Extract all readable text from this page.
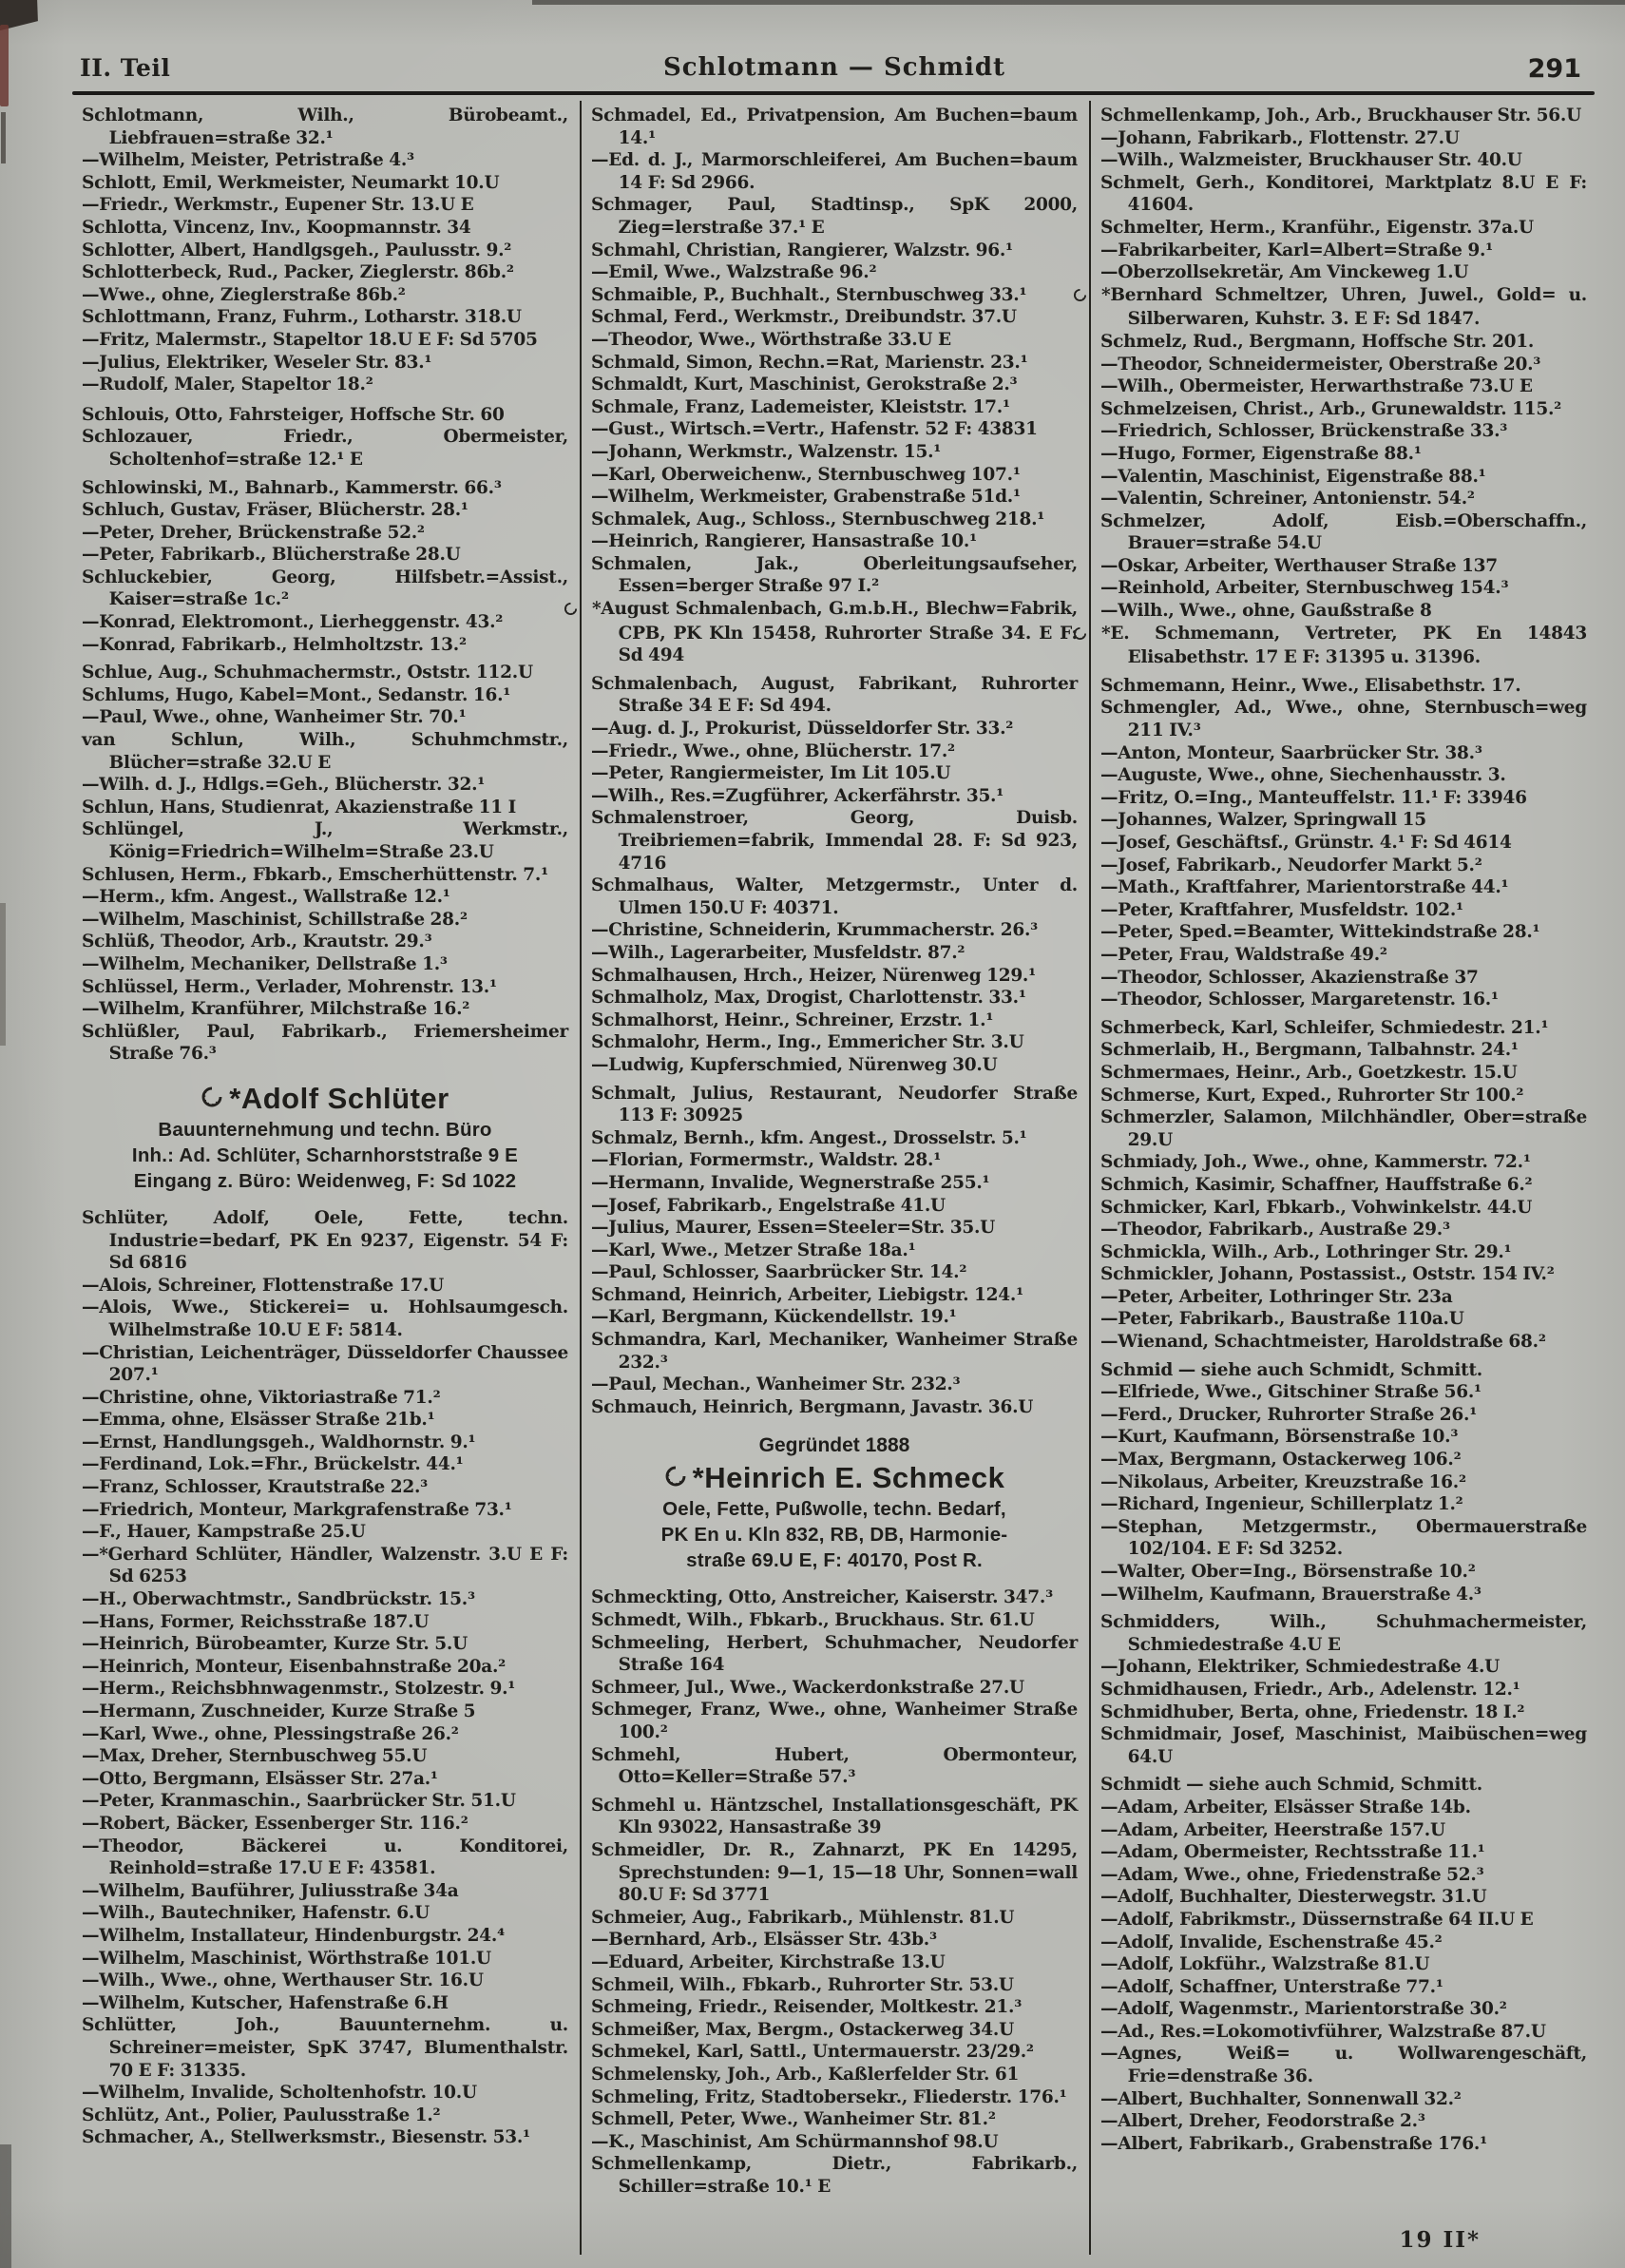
II. Teil	Schlotmann — Schmidt	291
Schlotmann, Wilh., Bürobeamt., Liebfrauen=straße 32.¹
—Wilhelm, Meister, Petristraße 4.³
Schlott, Emil, Werkmeister, Neumarkt 10.U
—Friedr., Werkmstr., Eupener Str. 13.U E
Schlotta, Vincenz, Inv., Koopmannstr. 34
Schlotter, Albert, Handlgsgeh., Paulusstr. 9.²
Schlotterbeck, Rud., Packer, Zieglerstr. 86b.²
—Wwe., ohne, Zieglerstraße 86b.²
Schlottmann, Franz, Fuhrm., Lotharstr. 318.U
—Fritz, Malermstr., Stapeltor 18.U E F: Sd 5705
—Julius, Elektriker, Weseler Str. 83.¹
—Rudolf, Maler, Stapeltor 18.²
Schlouis, Otto, Fahrsteiger, Hoffsche Str. 60
Schlozauer, Friedr., Obermeister, Scholtenhof=straße 12.¹ E
Schlowinski, M., Bahnarb., Kammerstr. 66.³
Schluch, Gustav, Fräser, Blücherstr. 28.¹
—Peter, Dreher, Brückenstraße 52.²
—Peter, Fabrikarb., Blücherstraße 28.U
Schluckebier, Georg, Hilfsbetr.=Assist., Kaiser=straße 1c.²
—Konrad, Elektromont., Lierheggenstr. 43.²
—Konrad, Fabrikarb., Helmholtzstr. 13.²
Schlue, Aug., Schuhmachermstr., Oststr. 112.U
Schlums, Hugo, Kabel=Mont., Sedanstr. 16.¹
—Paul, Wwe., ohne, Wanheimer Str. 70.¹
van Schlun, Wilh., Schuhmchmstr., Blücher=straße 32.U E
—Wilh. d. J., Hdlgs.=Geh., Blücherstr. 32.¹
Schlun, Hans, Studienrat, Akazienstraße 11 I
Schlüngel, J., Werkmstr., König=Friedrich=Wilhelm=Straße 23.U
Schlusen, Herm., Fbkarb., Emscherhüttenstr. 7.¹
—Herm., kfm. Angest., Wallstraße 12.¹
—Wilhelm, Maschinist, Schillstraße 28.²
Schlüß, Theodor, Arb., Krautstr. 29.³
—Wilhelm, Mechaniker, Dellstraße 1.³
Schlüssel, Herm., Verlader, Mohrenstr. 13.¹
—Wilhelm, Kranführer, Milchstraße 16.²
Schlüßler, Paul, Fabrikarb., Friemersheimer Straße 76.³
*Adolf Schlüter
Bauunternehmung und techn. Büro
Inh.: Ad. Schlüter, Scharnhorststraße 9 E
Eingang z. Büro: Weidenweg, F: Sd 1022
Schlüter, Adolf, Oele, Fette, techn. Industrie=bedarf, PK En 9237, Eigenstr. 54 F: Sd 6816
—Alois, Schreiner, Flottenstraße 17.U
—Alois, Wwe., Stickerei= u. Hohlsaumgesch. Wilhelmstraße 10.U E F: 5814.
—Christian, Leichenträger, Düsseldorfer Chaussee 207.¹
—Christine, ohne, Viktoriastraße 71.²
—Emma, ohne, Elsässer Straße 21b.¹
—Ernst, Handlungsgeh., Waldhornstr. 9.¹
—Ferdinand, Lok.=Fhr., Brückelstr. 44.¹
—Franz, Schlosser, Krautstraße 22.³
—Friedrich, Monteur, Markgrafenstraße 73.¹
—F., Hauer, Kampstraße 25.U
—*Gerhard Schlüter, Händler, Walzenstr. 3.U E F: Sd 6253
—H., Oberwachtmstr., Sandbrückstr. 15.³
—Hans, Former, Reichsstraße 187.U
—Heinrich, Bürobeamter, Kurze Str. 5.U
—Heinrich, Monteur, Eisenbahnstraße 20a.²
—Herm., Reichsbhnwagenmstr., Stolzestr. 9.¹
—Hermann, Zuschneider, Kurze Straße 5
—Karl, Wwe., ohne, Plessingstraße 26.²
—Max, Dreher, Sternbuschweg 55.U
—Otto, Bergmann, Elsässer Str. 27a.¹
—Peter, Kranmaschin., Saarbrücker Str. 51.U
—Robert, Bäcker, Essenberger Str. 116.²
—Theodor, Bäckerei u. Konditorei, Reinhold=straße 17.U E F: 43581.
—Wilhelm, Bauführer, Juliusstraße 34a
—Wilh., Bautechniker, Hafenstr. 6.U
—Wilhelm, Installateur, Hindenburgstr. 24.⁴
—Wilhelm, Maschinist, Wörthstraße 101.U
—Wilh., Wwe., ohne, Werthauser Str. 16.U
—Wilhelm, Kutscher, Hafenstraße 6.H
Schlütter, Joh., Bauunternehm. u. Schreiner=meister, SpK 3747, Blumenthalstr. 70 E F: 31335.
—Wilhelm, Invalide, Scholtenhofstr. 10.U
Schlütz, Ant., Polier, Paulusstraße 1.²
Schmacher, A., Stellwerksmstr., Biesenstr. 53.¹
Schmadel, Ed., Privatpension, Am Buchen=baum 14.¹
—Ed. d. J., Marmorschleiferei, Am Buchen=baum 14 F: Sd 2966.
Schmager, Paul, Stadtinsp., SpK 2000, Zieg=lerstraße 37.¹ E
Schmahl, Christian, Rangierer, Walzstr. 96.¹
—Emil, Wwe., Walzstraße 96.²
Schmaible, P., Buchhalt., Sternbuschweg 33.¹
Schmal, Ferd., Werkmstr., Dreibundstr. 37.U
—Theodor, Wwe., Wörthstraße 33.U E
Schmald, Simon, Rechn.=Rat, Marienstr. 23.¹
Schmaldt, Kurt, Maschinist, Gerokstraße 2.³
Schmale, Franz, Lademeister, Kleiststr. 17.¹
—Gust., Wirtsch.=Vertr., Hafenstr. 52 F: 43831
—Johann, Werkmstr., Walzenstr. 15.¹
—Karl, Oberweichenw., Sternbuschweg 107.¹
—Wilhelm, Werkmeister, Grabenstraße 51d.¹
Schmalek, Aug., Schloss., Sternbuschweg 218.¹
—Heinrich, Rangierer, Hansastraße 10.¹
Schmalen, Jak., Oberleitungsaufseher, Essen=berger Straße 97 I.²
*August Schmalenbach, G.m.b.H., Blechw=Fabrik, CPB, PK Kln 15458, Ruhrorter Straße 34. E F: Sd 494
Schmalenbach, August, Fabrikant, Ruhrorter Straße 34 E F: Sd 494.
—Aug. d. J., Prokurist, Düsseldorfer Str. 33.²
—Friedr., Wwe., ohne, Blücherstr. 17.²
—Peter, Rangiermeister, Im Lit 105.U
—Wilh., Res.=Zugführer, Ackerfährstr. 35.¹
Schmalenstroer, Georg, Duisb. Treibriemen=fabrik, Immendal 28. F: Sd 923, 4716
Schmalhaus, Walter, Metzgermstr., Unter d. Ulmen 150.U F: 40371.
—Christine, Schneiderin, Krummacherstr. 26.³
—Wilh., Lagerarbeiter, Musfeldstr. 87.²
Schmalhausen, Hrch., Heizer, Nürenweg 129.¹
Schmalholz, Max, Drogist, Charlottenstr. 33.¹
Schmalhorst, Heinr., Schreiner, Erzstr. 1.¹
Schmalohr, Herm., Ing., Emmericher Str. 3.U
—Ludwig, Kupferschmied, Nürenweg 30.U
Schmalt, Julius, Restaurant, Neudorfer Straße 113 F: 30925
Schmalz, Bernh., kfm. Angest., Drosselstr. 5.¹
—Florian, Formermstr., Waldstr. 28.¹
—Hermann, Invalide, Wegnerstraße 255.¹
—Josef, Fabrikarb., Engelstraße 41.U
—Julius, Maurer, Essen=Steeler=Str. 35.U
—Karl, Wwe., Metzer Straße 18a.¹
—Paul, Schlosser, Saarbrücker Str. 14.²
Schmand, Heinrich, Arbeiter, Liebigstr. 124.¹
—Karl, Bergmann, Kückendellstr. 19.¹
Schmandra, Karl, Mechaniker, Wanheimer Straße 232.³
—Paul, Mechan., Wanheimer Str. 232.³
Schmauch, Heinrich, Bergmann, Javastr. 36.U
Gegründet 1888
*Heinrich E. Schmeck
Oele, Fette, Pußwolle, techn. Bedarf,
PK En u. Kln 832, RB, DB, Harmonie-
straße 69.U E, F: 40170, Post R.
Schmeckting, Otto, Anstreicher, Kaiserstr. 347.³
Schmedt, Wilh., Fbkarb., Bruckhaus. Str. 61.U
Schmeeling, Herbert, Schuhmacher, Neudorfer Straße 164
Schmeer, Jul., Wwe., Wackerdonkstraße 27.U
Schmeger, Franz, Wwe., ohne, Wanheimer Straße 100.²
Schmehl, Hubert, Obermonteur, Otto=Keller=Straße 57.³
Schmehl u. Häntzschel, Installationsgeschäft, PK Kln 93022, Hansastraße 39
Schmeidler, Dr. R., Zahnarzt, PK En 14295, Sprechstunden: 9—1, 15—18 Uhr, Sonnen=wall 80.U F: Sd 3771
Schmeier, Aug., Fabrikarb., Mühlenstr. 81.U
—Bernhard, Arb., Elsässer Str. 43b.³
—Eduard, Arbeiter, Kirchstraße 13.U
Schmeil, Wilh., Fbkarb., Ruhrorter Str. 53.U
Schmeing, Friedr., Reisender, Moltkestr. 21.³
Schmeißer, Max, Bergm., Ostackerweg 34.U
Schmekel, Karl, Sattl., Untermauerstr. 23/29.²
Schmelensky, Joh., Arb., Kaßlerfelder Str. 61
Schmeling, Fritz, Stadtobersekr., Fliederstr. 176.¹
Schmell, Peter, Wwe., Wanheimer Str. 81.²
—K., Maschinist, Am Schürmannshof 98.U
Schmellenkamp, Dietr., Fabrikarb., Schiller=straße 10.¹ E
Schmellenkamp, Joh., Arb., Bruckhauser Str. 56.U
—Johann, Fabrikarb., Flottenstr. 27.U
—Wilh., Walzmeister, Bruckhauser Str. 40.U
Schmelt, Gerh., Konditorei, Marktplatz 8.U E F: 41604.
Schmelter, Herm., Kranführ., Eigenstr. 37a.U
—Fabrikarbeiter, Karl=Albert=Straße 9.¹
—Oberzollsekretär, Am Vinckeweg 1.U
*Bernhard Schmeltzer, Uhren, Juwel., Gold= u. Silberwaren, Kuhstr. 3. E F: Sd 1847.
Schmelz, Rud., Bergmann, Hoffsche Str. 201.
—Theodor, Schneidermeister, Oberstraße 20.³
—Wilh., Obermeister, Herwarthstraße 73.U E
Schmelzeisen, Christ., Arb., Grunewaldstr. 115.²
—Friedrich, Schlosser, Brückenstraße 33.³
—Hugo, Former, Eigenstraße 88.¹
—Valentin, Maschinist, Eigenstraße 88.¹
—Valentin, Schreiner, Antonienstr. 54.²
Schmelzer, Adolf, Eisb.=Oberschaffn., Brauer=straße 54.U
—Oskar, Arbeiter, Werthauser Straße 137
—Reinhold, Arbeiter, Sternbuschweg 154.³
—Wilh., Wwe., ohne, Gaußstraße 8
*E. Schmemann, Vertreter, PK En 14843 Elisabethstr. 17 E F: 31395 u. 31396.
Schmemann, Heinr., Wwe., Elisabethstr. 17.
Schmengler, Ad., Wwe., ohne, Sternbusch=weg 211 IV.³
—Anton, Monteur, Saarbrücker Str. 38.³
—Auguste, Wwe., ohne, Siechenhausstr. 3.
—Fritz, O.=Ing., Manteuffelstr. 11.¹ F: 33946
—Johannes, Walzer, Springwall 15
—Josef, Geschäftsf., Grünstr. 4.¹ F: Sd 4614
—Josef, Fabrikarb., Neudorfer Markt 5.²
—Math., Kraftfahrer, Marientorstraße 44.¹
—Peter, Kraftfahrer, Musfeldstr. 102.¹
—Peter, Sped.=Beamter, Wittekindstraße 28.¹
—Peter, Frau, Waldstraße 49.²
—Theodor, Schlosser, Akazienstraße 37
—Theodor, Schlosser, Margaretenstr. 16.¹
Schmerbeck, Karl, Schleifer, Schmiedestr. 21.¹
Schmerlaib, H., Bergmann, Talbahnstr. 24.¹
Schmermaes, Heinr., Arb., Goetzkestr. 15.U
Schmerse, Kurt, Exped., Ruhrorter Str 100.²
Schmerzler, Salamon, Milchhändler, Ober=straße 29.U
Schmiady, Joh., Wwe., ohne, Kammerstr. 72.¹
Schmich, Kasimir, Schaffner, Hauffstraße 6.²
Schmicker, Karl, Fbkarb., Vohwinkelstr. 44.U
—Theodor, Fabrikarb., Austraße 29.³
Schmickla, Wilh., Arb., Lothringer Str. 29.¹
Schmickler, Johann, Postassist., Oststr. 154 IV.²
—Peter, Arbeiter, Lothringer Str. 23a
—Peter, Fabrikarb., Baustraße 110a.U
—Wienand, Schachtmeister, Haroldstraße 68.²
Schmid — siehe auch Schmidt, Schmitt.
—Elfriede, Wwe., Gitschiner Straße 56.¹
—Ferd., Drucker, Ruhrorter Straße 26.¹
—Kurt, Kaufmann, Börsenstraße 10.³
—Max, Bergmann, Ostackerweg 106.²
—Nikolaus, Arbeiter, Kreuzstraße 16.²
—Richard, Ingenieur, Schillerplatz 1.²
—Stephan, Metzgermstr., Obermauerstraße 102/104. E F: Sd 3252.
—Walter, Ober=Ing., Börsenstraße 10.²
—Wilhelm, Kaufmann, Brauerstraße 4.³
Schmidders, Wilh., Schuhmachermeister, Schmiedestraße 4.U E
—Johann, Elektriker, Schmiedestraße 4.U
Schmidhausen, Friedr., Arb., Adelenstr. 12.¹
Schmidhuber, Berta, ohne, Friedenstr. 18 I.²
Schmidmair, Josef, Maschinist, Maibüschen=weg 64.U
Schmidt — siehe auch Schmid, Schmitt.
—Adam, Arbeiter, Elsässer Straße 14b.
—Adam, Arbeiter, Heerstraße 157.U
—Adam, Obermeister, Rechtsstraße 11.¹
—Adam, Wwe., ohne, Friedenstraße 52.³
—Adolf, Buchhalter, Diesterwegstr. 31.U
—Adolf, Fabrikmstr., Düssernstraße 64 II.U E
—Adolf, Invalide, Eschenstraße 45.²
—Adolf, Lokführ., Walzstraße 81.U
—Adolf, Schaffner, Unterstraße 77.¹
—Adolf, Wagenmstr., Marientorstraße 30.²
—Ad., Res.=Lokomotivführer, Walzstraße 87.U
—Agnes, Weiß= u. Wollwarengeschäft, Frie=denstraße 36.
—Albert, Buchhalter, Sonnenwall 32.²
—Albert, Dreher, Feodorstraße 2.³
—Albert, Fabrikarb., Grabenstraße 176.¹
19 II*
